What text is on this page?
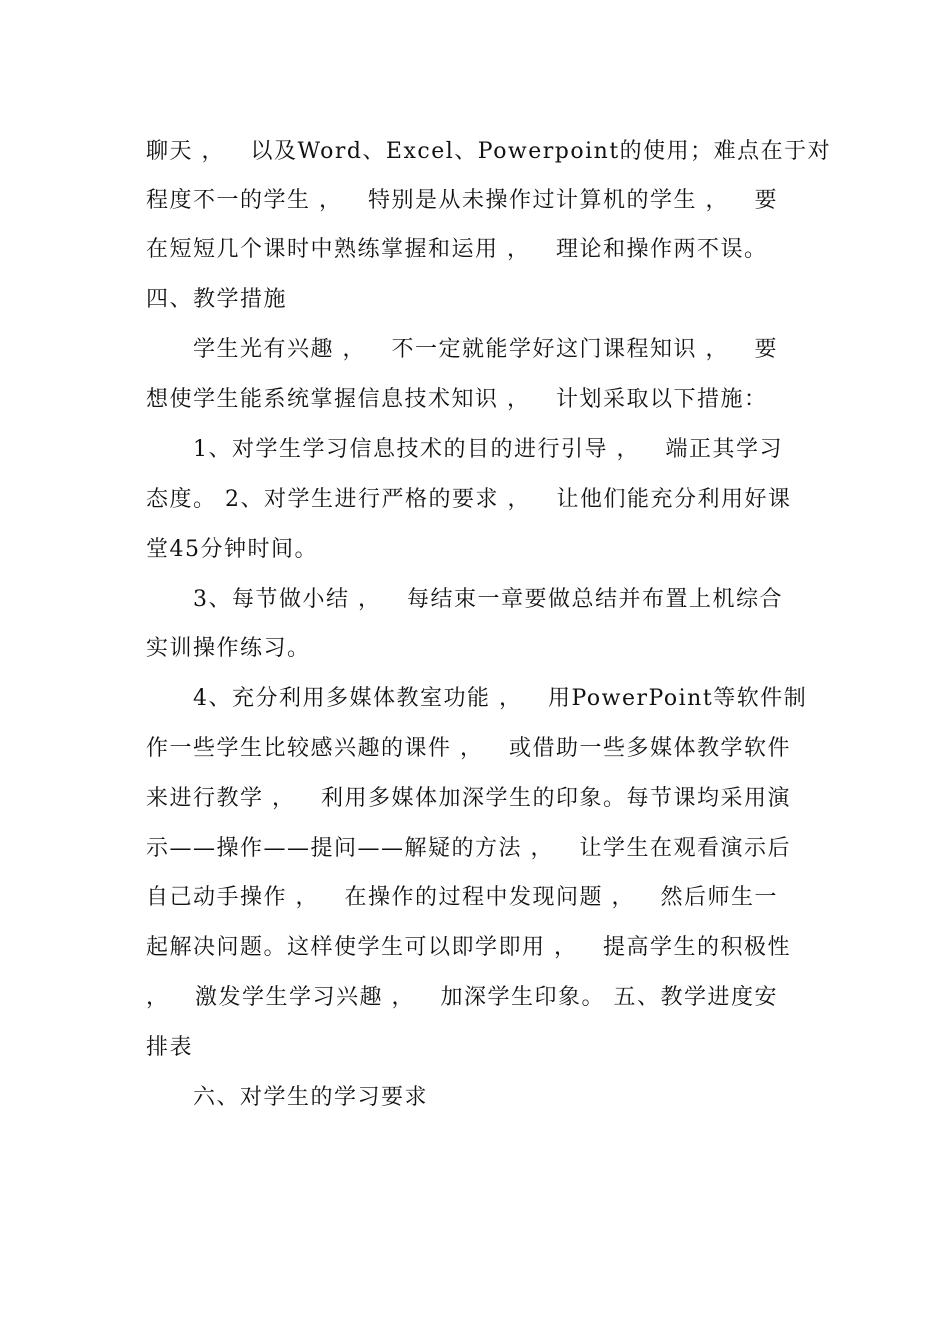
聊天 ，   以及Word、Excel、Powerpoint的使用；难点在于对
程度不一的学生 ，   特别是从未操作过计算机的学生 ，   要
在短短几个课时中熟练掌握和运用 ，   理论和操作两不误。
四、教学措施
学生光有兴趣 ，   不一定就能学好这门课程知识 ，   要
想使学生能系统掌握信息技术知识 ，   计划采取以下措施：
1、对学生学习信息技术的目的进行引导 ，   端正其学习
态度。 2、对学生进行严格的要求 ，   让他们能充分利用好课
堂45分钟时间。
3、每节做小结 ，   每结束一章要做总结并布置上机综合
实训操作练习。
4、充分利用多媒体教室功能 ，   用PowerPoint等软件制
作一些学生比较感兴趣的课件 ，   或借助一些多媒体教学软件
来进行教学 ，   利用多媒体加深学生的印象。每节课均采用演
示——操作——提问——解疑的方法 ，   让学生在观看演示后
自己动手操作 ，   在操作的过程中发现问题 ，   然后师生一
起解决问题。这样使学生可以即学即用 ，   提高学生的积极性
，   激发学生学习兴趣 ，   加深学生印象。 五、教学进度安
排表
六、对学生的学习要求
